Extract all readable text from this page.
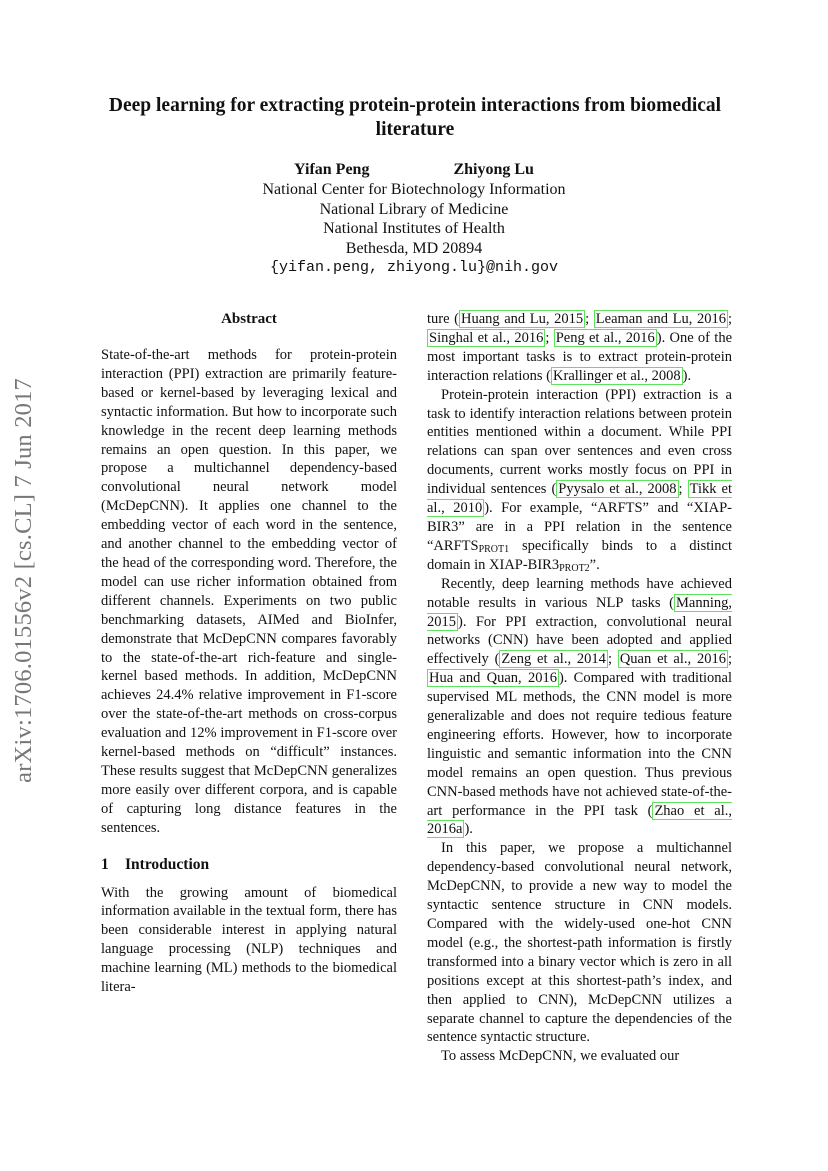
arXiv:1706.01556v2 [cs.CL] 7 Jun 2017
Deep learning for extracting protein-protein interactions from biomedical literature
Yifan Peng	Zhiyong Lu
National Center for Biotechnology Information
National Library of Medicine
National Institutes of Health
Bethesda, MD 20894
{yifan.peng, zhiyong.lu}@nih.gov
Abstract

State-of-the-art methods for protein-protein interaction (PPI) extraction are primarily feature-based or kernel-based by leveraging lexical and syntactic information. But how to incorporate such knowledge in the recent deep learning methods remains an open question. In this paper, we propose a multichannel dependency-based convolutional neural network model (McDepCNN). It applies one channel to the embedding vector of each word in the sentence, and another channel to the embedding vector of the head of the corresponding word. Therefore, the model can use richer information obtained from different channels. Experiments on two public benchmarking datasets, AIMed and BioInfer, demonstrate that McDepCNN compares favorably to the state-of-the-art rich-feature and single-kernel based methods. In addition, McDepCNN achieves 24.4% relative improvement in F1-score over the state-of-the-art methods on cross-corpus evaluation and 12% improvement in F1-score over kernel-based methods on “difficult” instances. These results suggest that McDepCNN generalizes more easily over different corpora, and is capable of capturing long distance features in the sentences.

1 Introduction

With the growing amount of biomedical information available in the textual form, there has been considerable interest in applying natural language processing (NLP) techniques and machine learning (ML) methods to the biomedical litera-

ture ( Huang and Lu, 2015 ; Leaman and Lu, 2016 ; Singhal et al., 2016 ; Peng et al., 2016 ). One of the most important tasks is to extract protein-protein interaction relations ( Krallinger et al., 2008 ).

Protein-protein interaction (PPI) extraction is a task to identify interaction relations between protein entities mentioned within a document. While PPI relations can span over sentences and even cross documents, current works mostly focus on PPI in individual sentences ( Pyysalo et al., 2008 ; Tikk et al., 2010 ). For example, “ARFTS” and “XIAP-BIR3” are in a PPI relation in the sentence “$ARFTS_{PROT1}$ specifically binds to a distinct domain in XIAP-$BIR3_{PROT2}$”.

Recently, deep learning methods have achieved notable results in various NLP tasks ( Manning, 2015 ). For PPI extraction, convolutional neural networks (CNN) have been adopted and applied effectively ( Zeng et al., 2014 ; Quan et al., 2016 ; Hua and Quan, 2016 ). Compared with traditional supervised ML methods, the CNN model is more generalizable and does not require tedious feature engineering efforts. However, how to incorporate linguistic and semantic information into the CNN model remains an open question. Thus previous CNN-based methods have not achieved state-of-the-art performance in the PPI task ( Zhao et al., 2016a ).

In this paper, we propose a multichannel dependency-based convolutional neural network, McDepCNN, to provide a new way to model the syntactic sentence structure in CNN models. Compared with the widely-used one-hot CNN model (e.g., the shortest-path information is firstly transformed into a binary vector which is zero in all positions except at this shortest-path’s index, and then applied to CNN), McDepCNN utilizes a separate channel to capture the dependencies of the sentence syntactic structure.

To assess McDepCNN, we evaluated our
